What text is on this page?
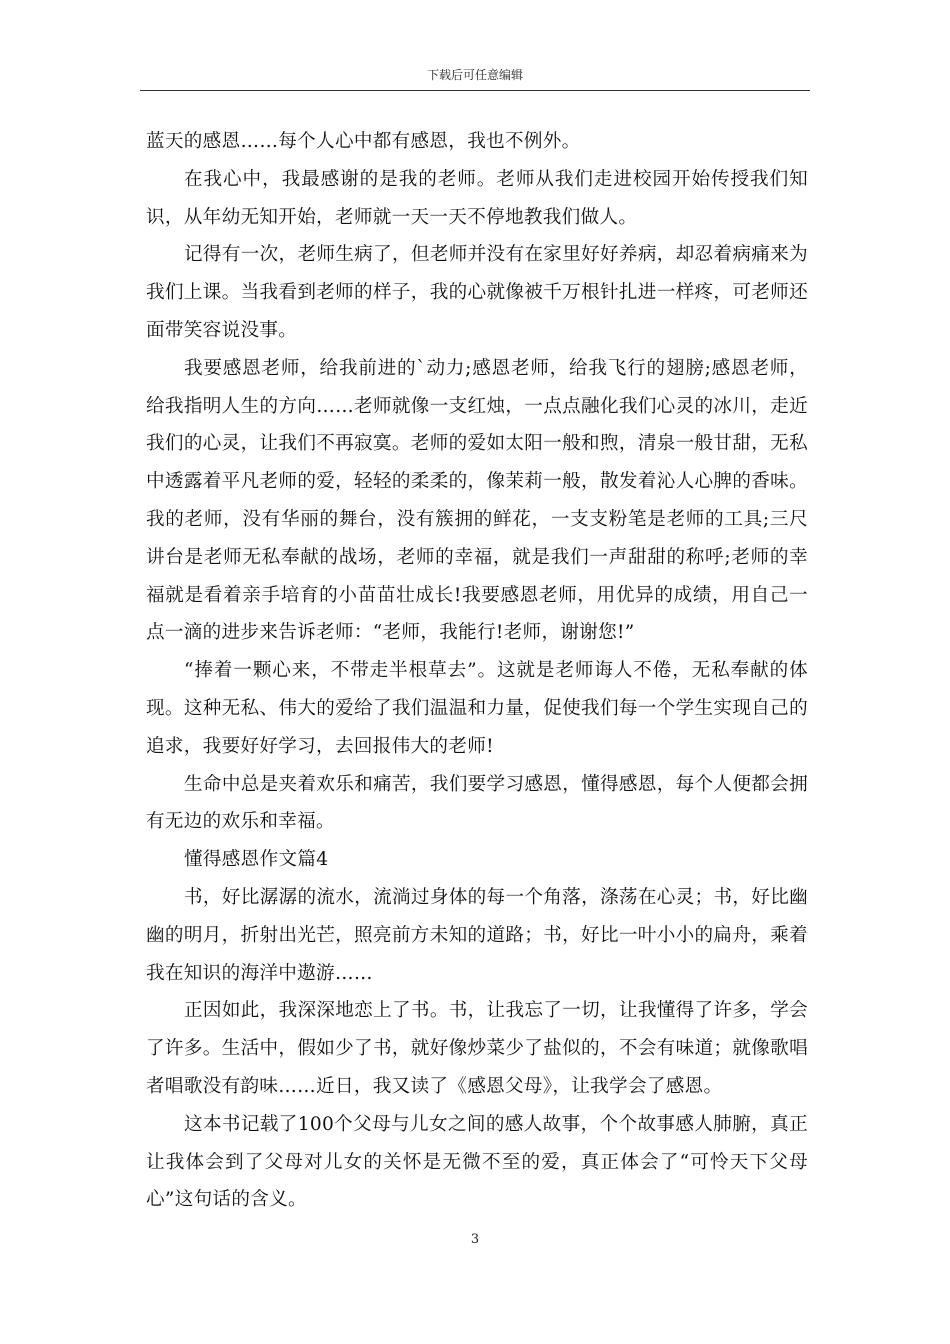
下载后可任意编辑

蓝天的感恩……每个人心中都有感恩，我也不例外。

在我心中，我最感谢的是我的老师。老师从我们走进校园开始传授我们知识，从年幼无知开始，老师就一天一天不停地教我们做人。

记得有一次，老师生病了，但老师并没有在家里好好养病，却忍着病痛来为我们上课。当我看到老师的样子，我的心就像被千万根针扎进一样疼，可老师还面带笑容说没事。

我要感恩老师，给我前进的`动力;感恩老师，给我飞行的翅膀;感恩老师，给我指明人生的方向……老师就像一支红烛，一点点融化我们心灵的冰川，走近我们的心灵，让我们不再寂寞。老师的爱如太阳一般和煦，清泉一般甘甜，无私中透露着平凡老师的爱，轻轻的柔柔的，像茉莉一般，散发着沁人心脾的香味。我的老师，没有华丽的舞台，没有簇拥的鲜花，一支支粉笔是老师的工具;三尺讲台是老师无私奉献的战场，老师的幸福，就是我们一声甜甜的称呼;老师的幸福就是看着亲手培育的小苗苗壮成长!我要感恩老师，用优异的成绩，用自己一点一滴的进步来告诉老师：“老师，我能行!老师，谢谢您!”

“捧着一颗心来，不带走半根草去”。这就是老师诲人不倦，无私奉献的体现。这种无私、伟大的爱给了我们温温和力量，促使我们每一个学生实现自己的追求，我要好好学习，去回报伟大的老师!

生命中总是夹着欢乐和痛苦，我们要学习感恩，懂得感恩，每个人便都会拥有无边的欢乐和幸福。

懂得感恩作文篇4

书，好比潺潺的流水，流淌过身体的每一个角落，涤荡在心灵；书，好比幽幽的明月，折射出光芒，照亮前方未知的道路；书，好比一叶小小的扁舟，乘着我在知识的海洋中遨游……

正因如此，我深深地恋上了书。书，让我忘了一切，让我懂得了许多，学会了许多。生活中，假如少了书，就好像炒菜少了盐似的，不会有味道；就像歌唱者唱歌没有韵味……近日，我又读了《感恩父母》，让我学会了感恩。

这本书记载了100个父母与儿女之间的感人故事，个个故事感人肺腑，真正让我体会到了父母对儿女的关怀是无微不至的爱，真正体会了“可怜天下父母心”这句话的含义。

3
